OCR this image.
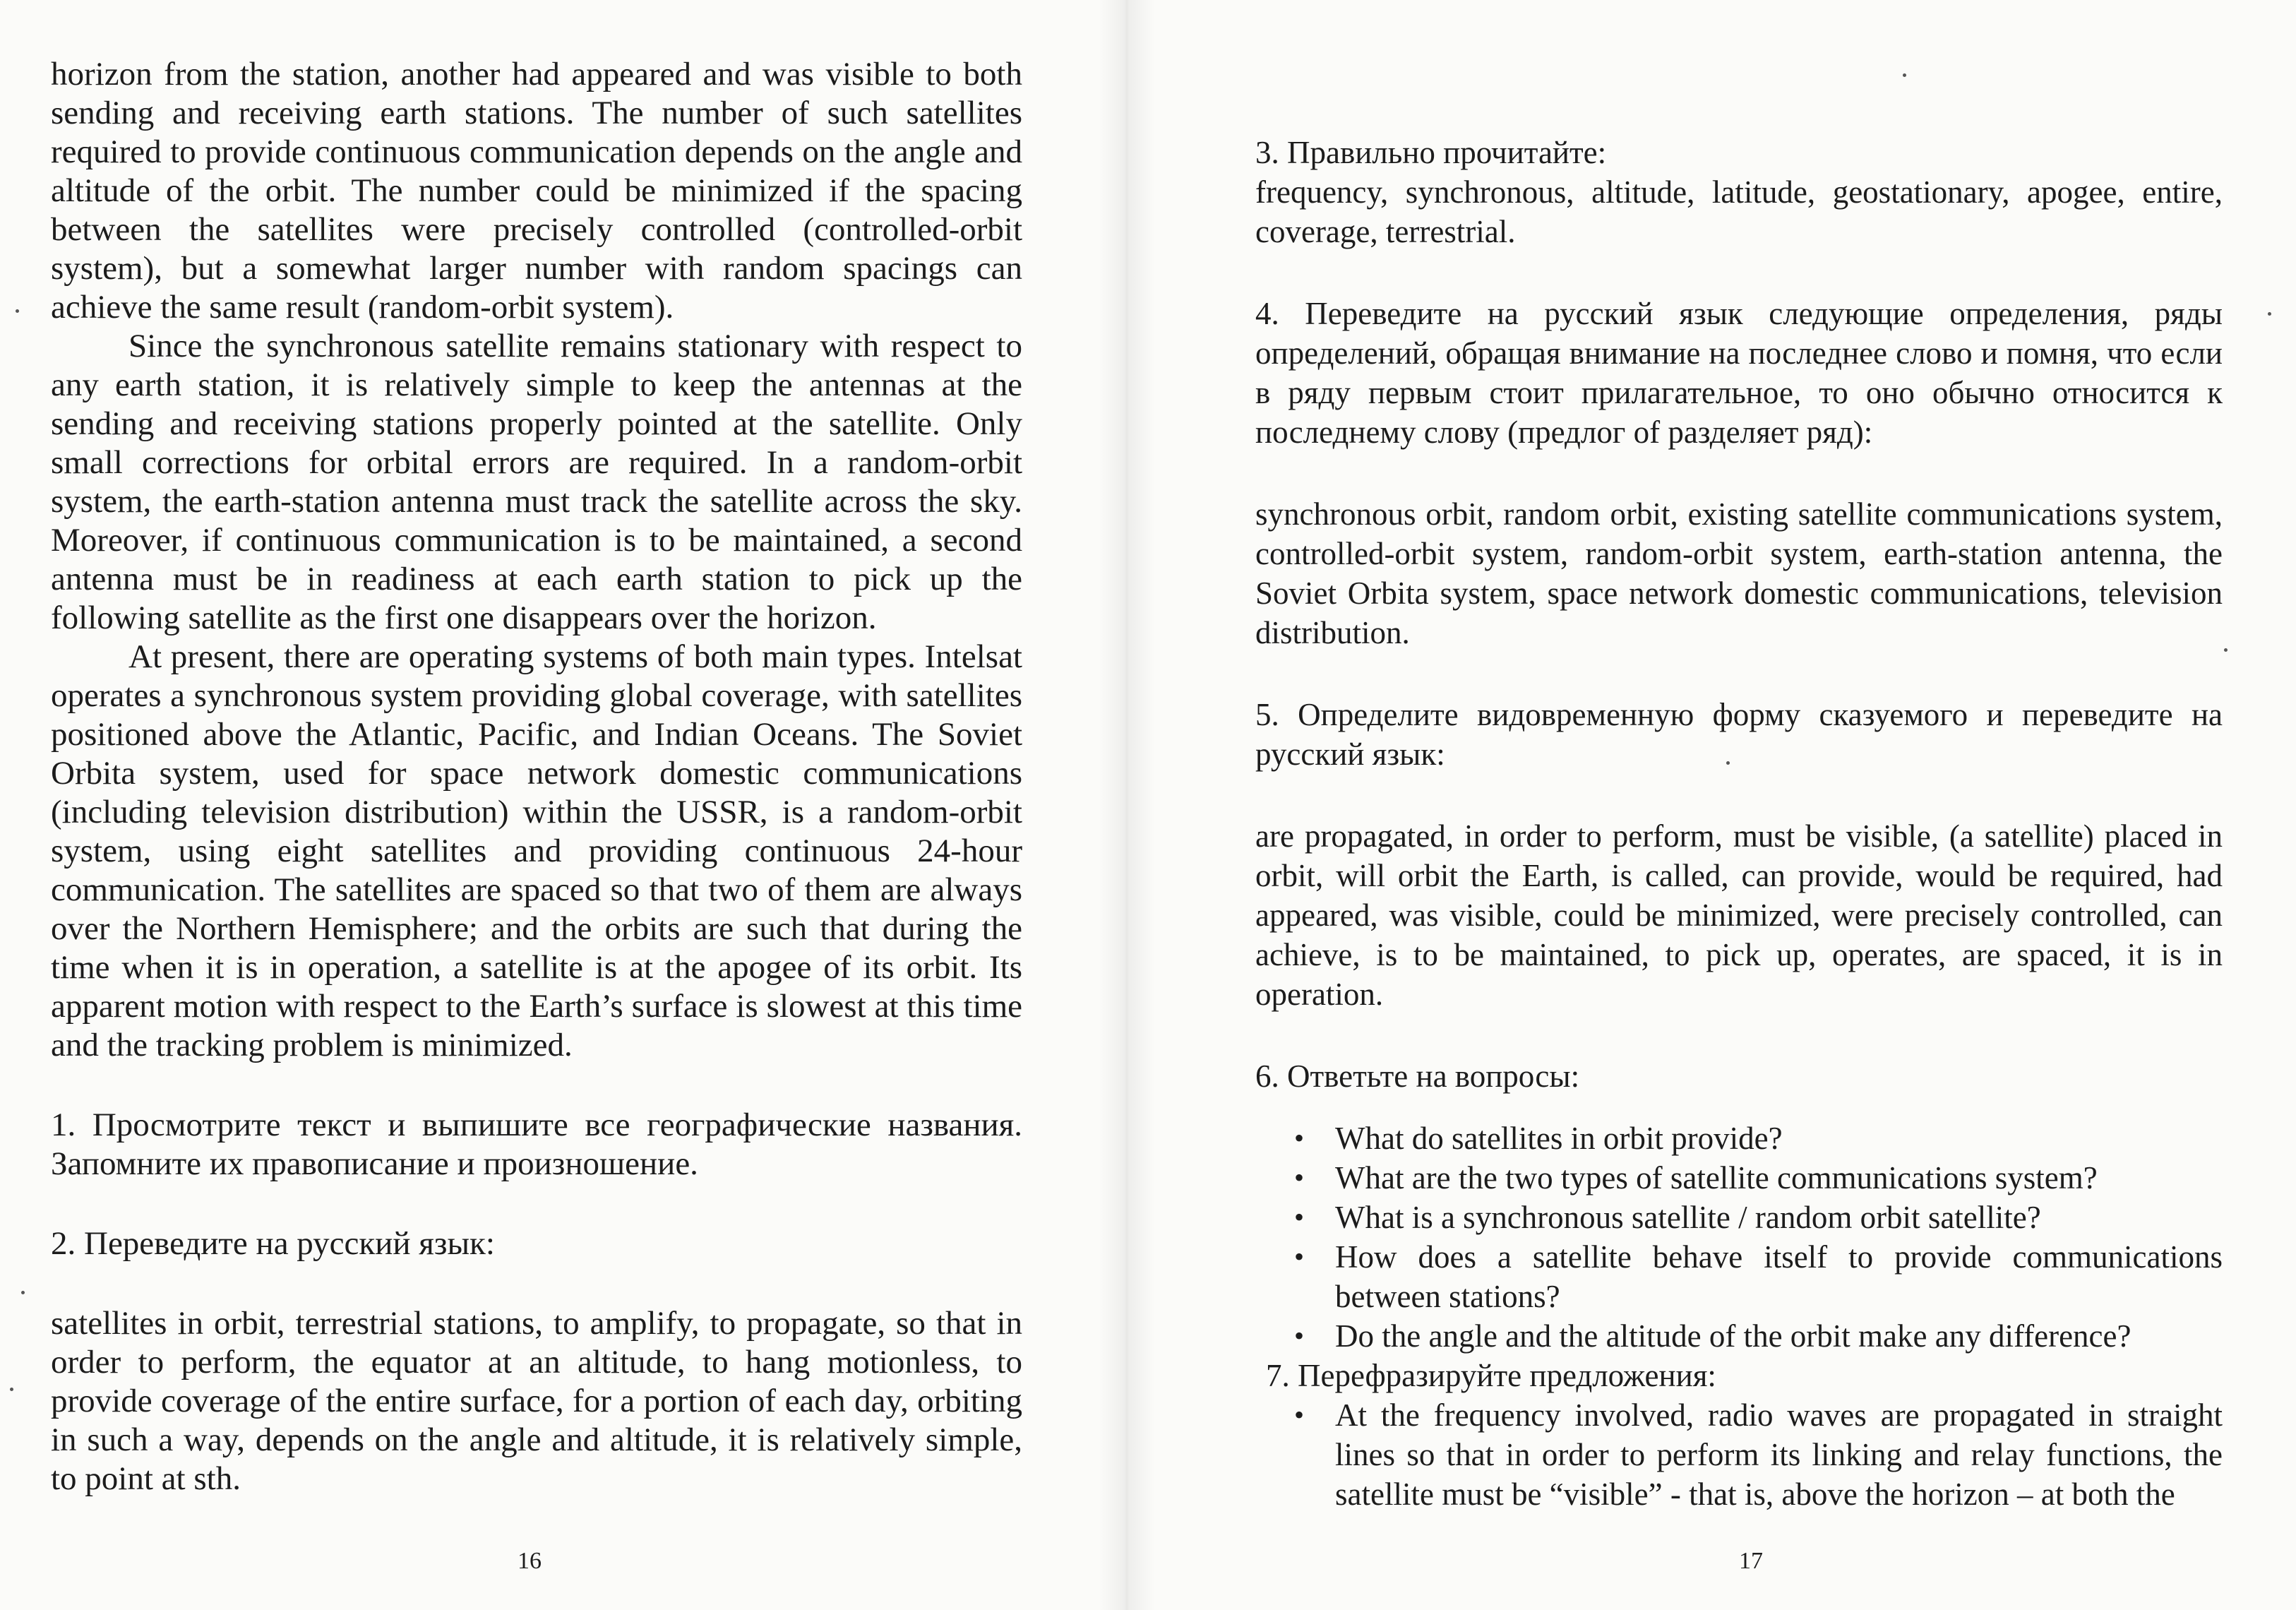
horizon from the station, another had appeared and was visible to both sending and receiving earth stations. The number of such satellites required to provide continuous communication depends on the angle and altitude of the orbit. The number could be minimized if the spacing between the satellites were precisely controlled (controlled-orbit system), but a somewhat larger number with random spacings can achieve the same result (random-orbit system).

Since the synchronous satellite remains stationary with respect to any earth station, it is relatively simple to keep the antennas at the sending and receiving stations properly pointed at the satellite. Only small corrections for orbital errors are required. In a random-orbit system, the earth-station antenna must track the satellite across the sky. Moreover, if continuous communication is to be maintained, a second antenna must be in readiness at each earth station to pick up the following satellite as the first one disappears over the horizon.

At present, there are operating systems of both main types. Intelsat operates a synchronous system providing global coverage, with satellites positioned above the Atlantic, Pacific, and Indian Oceans. The Soviet Orbita system, used for space network domestic communications (including television distribution) within the USSR, is a random-orbit system, using eight satellites and providing continuous 24-hour communication. The satellites are spaced so that two of them are always over the Northern Hemisphere; and the orbits are such that during the time when it is in operation, a satellite is at the apogee of its orbit. Its apparent motion with respect to the Earth’s surface is slowest at this time and the tracking problem is minimized.

1. Просмотрите текст и выпишите все географические названия. Запомните их правописание и произношение.

2. Переведите на русский язык:

satellites in orbit, terrestrial stations, to amplify, to propagate, so that in order to perform, the equator at an altitude, to hang motionless, to provide coverage of the entire surface, for a portion of each day, orbiting in such a way, depends on the angle and altitude, it is relatively simple, to point at sth.

16

3. Правильно прочитайте:

frequency, synchronous, altitude, latitude, geostationary, apogee, entire, coverage, terrestrial.

4. Переведите на русский язык следующие определения, ряды определений, обращая внимание на последнее слово и помня, что если в ряду первым стоит прилагательное, то оно обычно относится к последнему слову (предлог of разделяет ряд):

synchronous orbit, random orbit, existing satellite communications system, controlled-orbit system, random-orbit system, earth-station antenna, the Soviet Orbita system, space network domestic communications, television distribution.

5. Определите видовременную форму сказуемого и переведите на русский язык:

are propagated, in order to perform, must be visible, (a satellite) placed in orbit, will orbit the Earth, is called, can provide, would be required, had appeared, was visible, could be minimized, were precisely controlled, can achieve, is to be maintained, to pick up, operates, are spaced, it is in operation.

6. Ответьте на вопросы:

• What do satellites in orbit provide?
• What are the two types of satellite communications system?
• What is a synchronous satellite / random orbit satellite?
• How does a satellite behave itself to provide communications between stations?
• Do the angle and the altitude of the orbit make any difference?

7. Перефразируйте предложения:

• At the frequency involved, radio waves are propagated in straight lines so that in order to perform its linking and relay functions, the satellite must be “visible” - that is, above the horizon – at both the
17
